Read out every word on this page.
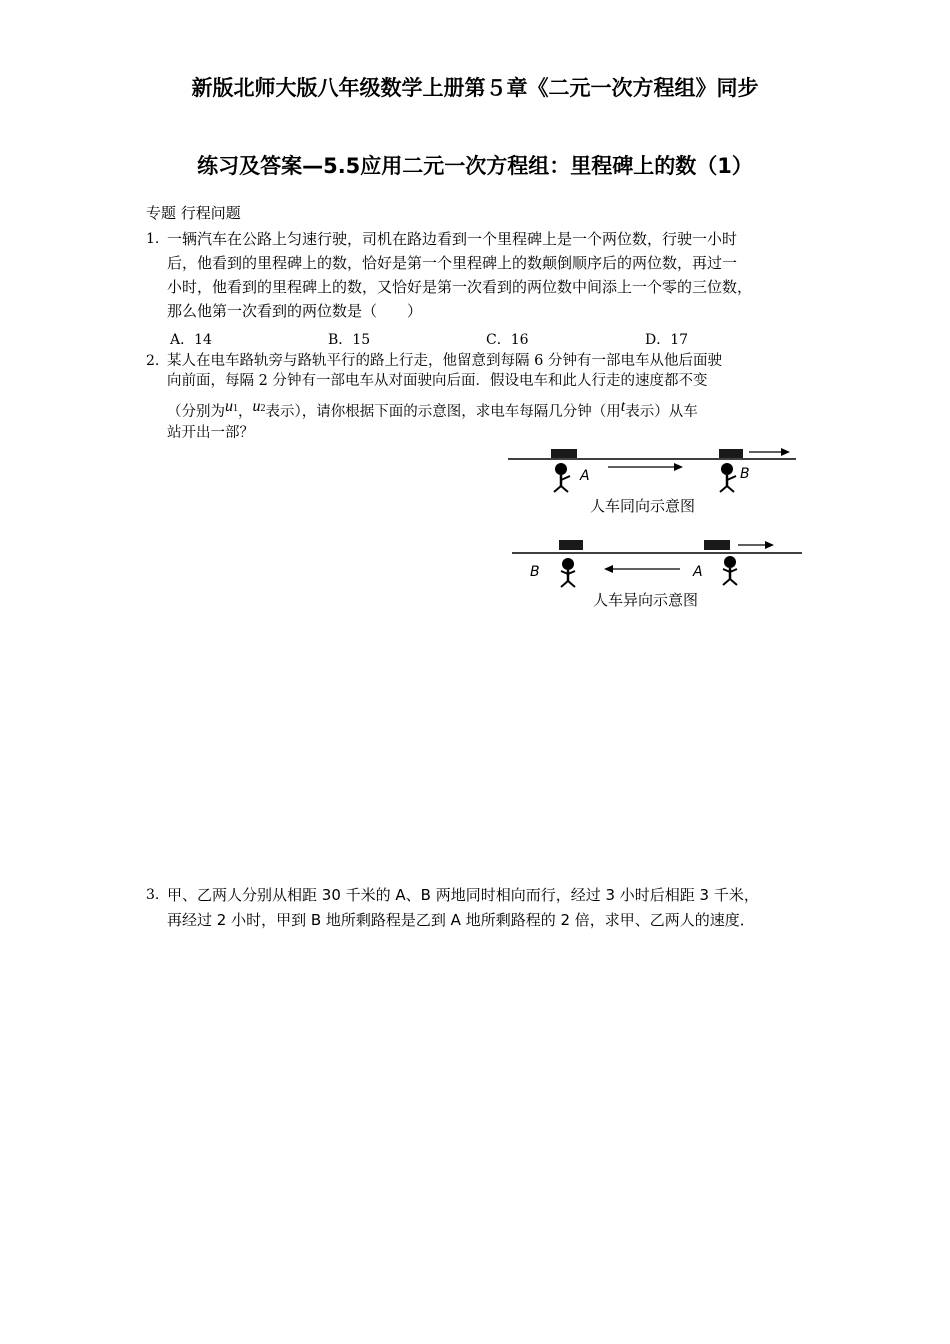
新版北师大版八年级数学上册第５章《二元一次方程组》同步
练习及答案—5.5应用二元一次方程组：里程碑上的数（1）
专题 行程问题
1. 一辆汽车在公路上匀速行驶，司机在路边看到一个里程碑上是一个两位数，行驶一小时
后，他看到的里程碑上的数，恰好是第一个里程碑上的数颠倒顺序后的两位数，再过一
小时，他看到的里程碑上的数，又恰好是第一次看到的两位数中间添上一个零的三位数，
那么他第一次看到的两位数是（　　）
A．14	B．15	C．16	D．17
2. 某人在电车路轨旁与路轨平行的路上行走，他留意到每隔 6 分钟有一部电车从他后面驶
向前面，每隔 2 分钟有一部电车从对面驶向后面．假设电车和此人行走的速度都不变
（分别为u1，u2表示），请你根据下面的示意图，求电车每隔几分钟（用t表示）从车
站开出一部？
A	B
人车同向示意图
B	A
人车异向示意图
3. 甲、乙两人分别从相距 30 千米的 A、B 两地同时相向而行，经过 3 小时后相距 3 千米，
再经过 2 小时，甲到 B 地所剩路程是乙到 A 地所剩路程的 2 倍，求甲、乙两人的速度．
